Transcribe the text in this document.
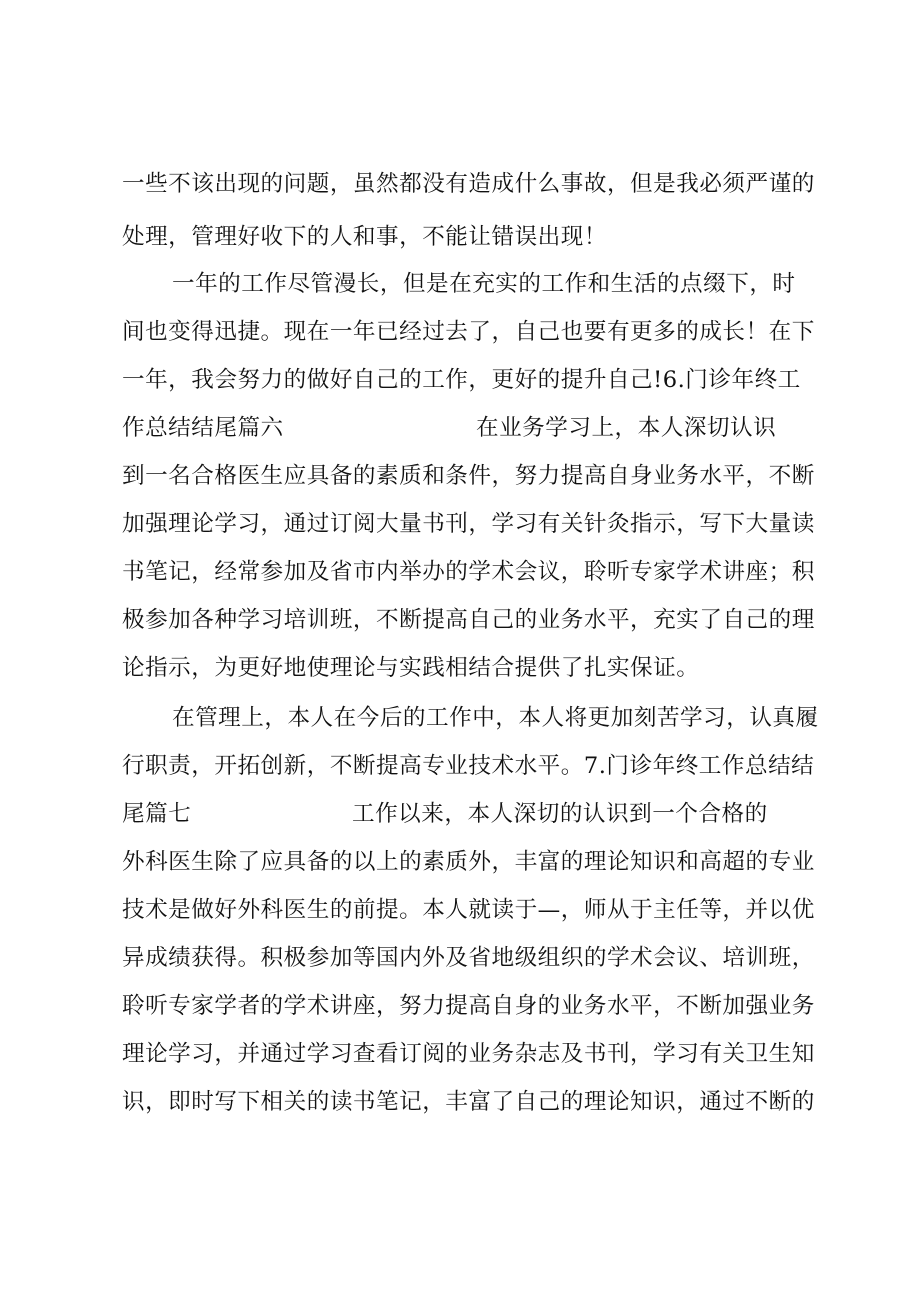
一些不该出现的问题，虽然都没有造成什么事故，但是我必须严谨的
处理，管理好收下的人和事，不能让错误出现！
一年的工作尽管漫长，但是在充实的工作和生活的点缀下，时
间也变得迅捷。现在一年已经过去了，自己也要有更多的成长！在下
一年，我会努力的做好自己的工作，更好的提升自己!6.门诊年终工
作总结结尾篇六	在业务学习上，本人深切认识
到一名合格医生应具备的素质和条件，努力提高自身业务水平，不断
加强理论学习，通过订阅大量书刊，学习有关针灸指示，写下大量读
书笔记，经常参加及省市内举办的学术会议，聆听专家学术讲座；积
极参加各种学习培训班，不断提高自己的业务水平，充实了自己的理
论指示，为更好地使理论与实践相结合提供了扎实保证。
在管理上，本人在今后的工作中，本人将更加刻苦学习，认真履
行职责，开拓创新，不断提高专业技术水平。7.门诊年终工作总结结
尾篇七	工作以来，本人深切的认识到一个合格的
外科医生除了应具备的以上的素质外，丰富的理论知识和高超的专业
技术是做好外科医生的前提。本人就读于—，师从于主任等，并以优
异成绩获得。积极参加等国内外及省地级组织的学术会议、培训班，
聆听专家学者的学术讲座，努力提高自身的业务水平，不断加强业务
理论学习，并通过学习查看订阅的业务杂志及书刊，学习有关卫生知
识，即时写下相关的读书笔记，丰富了自己的理论知识，通过不断的
